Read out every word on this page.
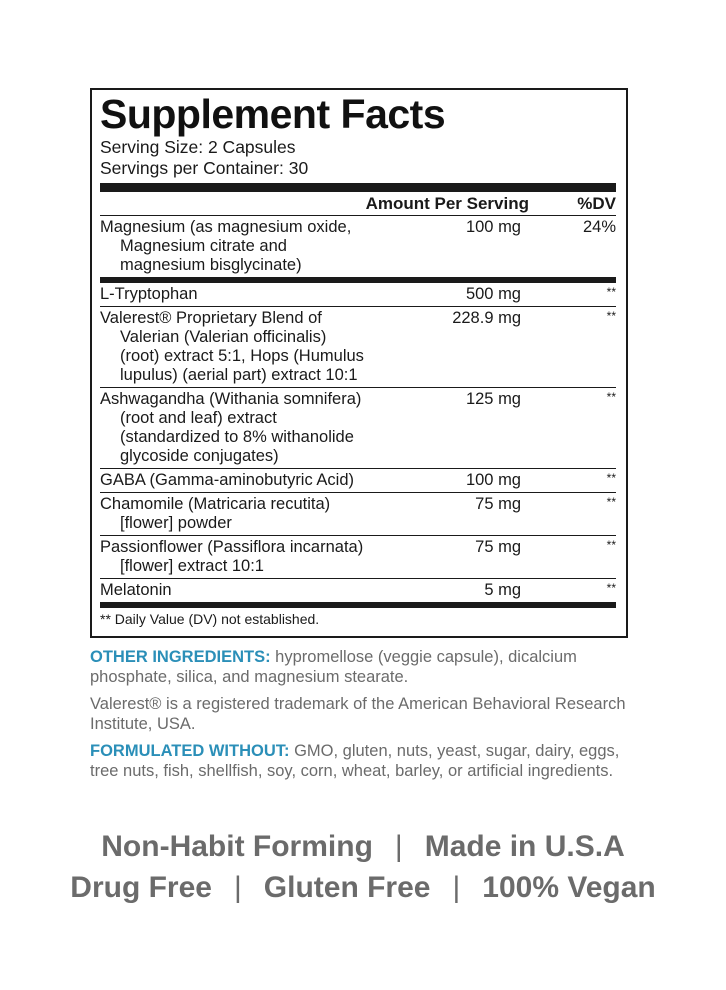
Supplement Facts
Serving Size: 2 Capsules
Servings per Container: 30
Amount Per Serving	%DV
Magnesium (as magnesium oxide,
Magnesium citrate and
magnesium bisglycinate)
100 mg	24%
L-Tryptophan	500 mg	**
Valerest® Proprietary Blend of
Valerian (Valerian officinalis)
(root) extract 5:1, Hops (Humulus
lupulus) (aerial part) extract 10:1
228.9 mg	**
Ashwagandha (Withania somnifera)
(root and leaf) extract
(standardized to 8% withanolide
glycoside conjugates)
125 mg	**
GABA (Gamma-aminobutyric Acid)	100 mg	**
Chamomile (Matricaria recutita)
[flower] powder
75 mg	**
Passionflower (Passiflora incarnata)
[flower] extract 10:1
75 mg	**
Melatonin	5 mg	**
** Daily Value (DV) not established.

OTHER INGREDIENTS: hypromellose (veggie capsule), dicalcium phosphate, silica, and magnesium stearate.

Valerest® is a registered trademark of the American Behavioral Research Institute, USA.

FORMULATED WITHOUT: GMO, gluten, nuts, yeast, sugar, dairy, eggs, tree nuts, fish, shellfish, soy, corn, wheat, barley, or artificial ingredients.

Non-Habit Forming | Made in U.S.A
Drug Free | Gluten Free | 100% Vegan
